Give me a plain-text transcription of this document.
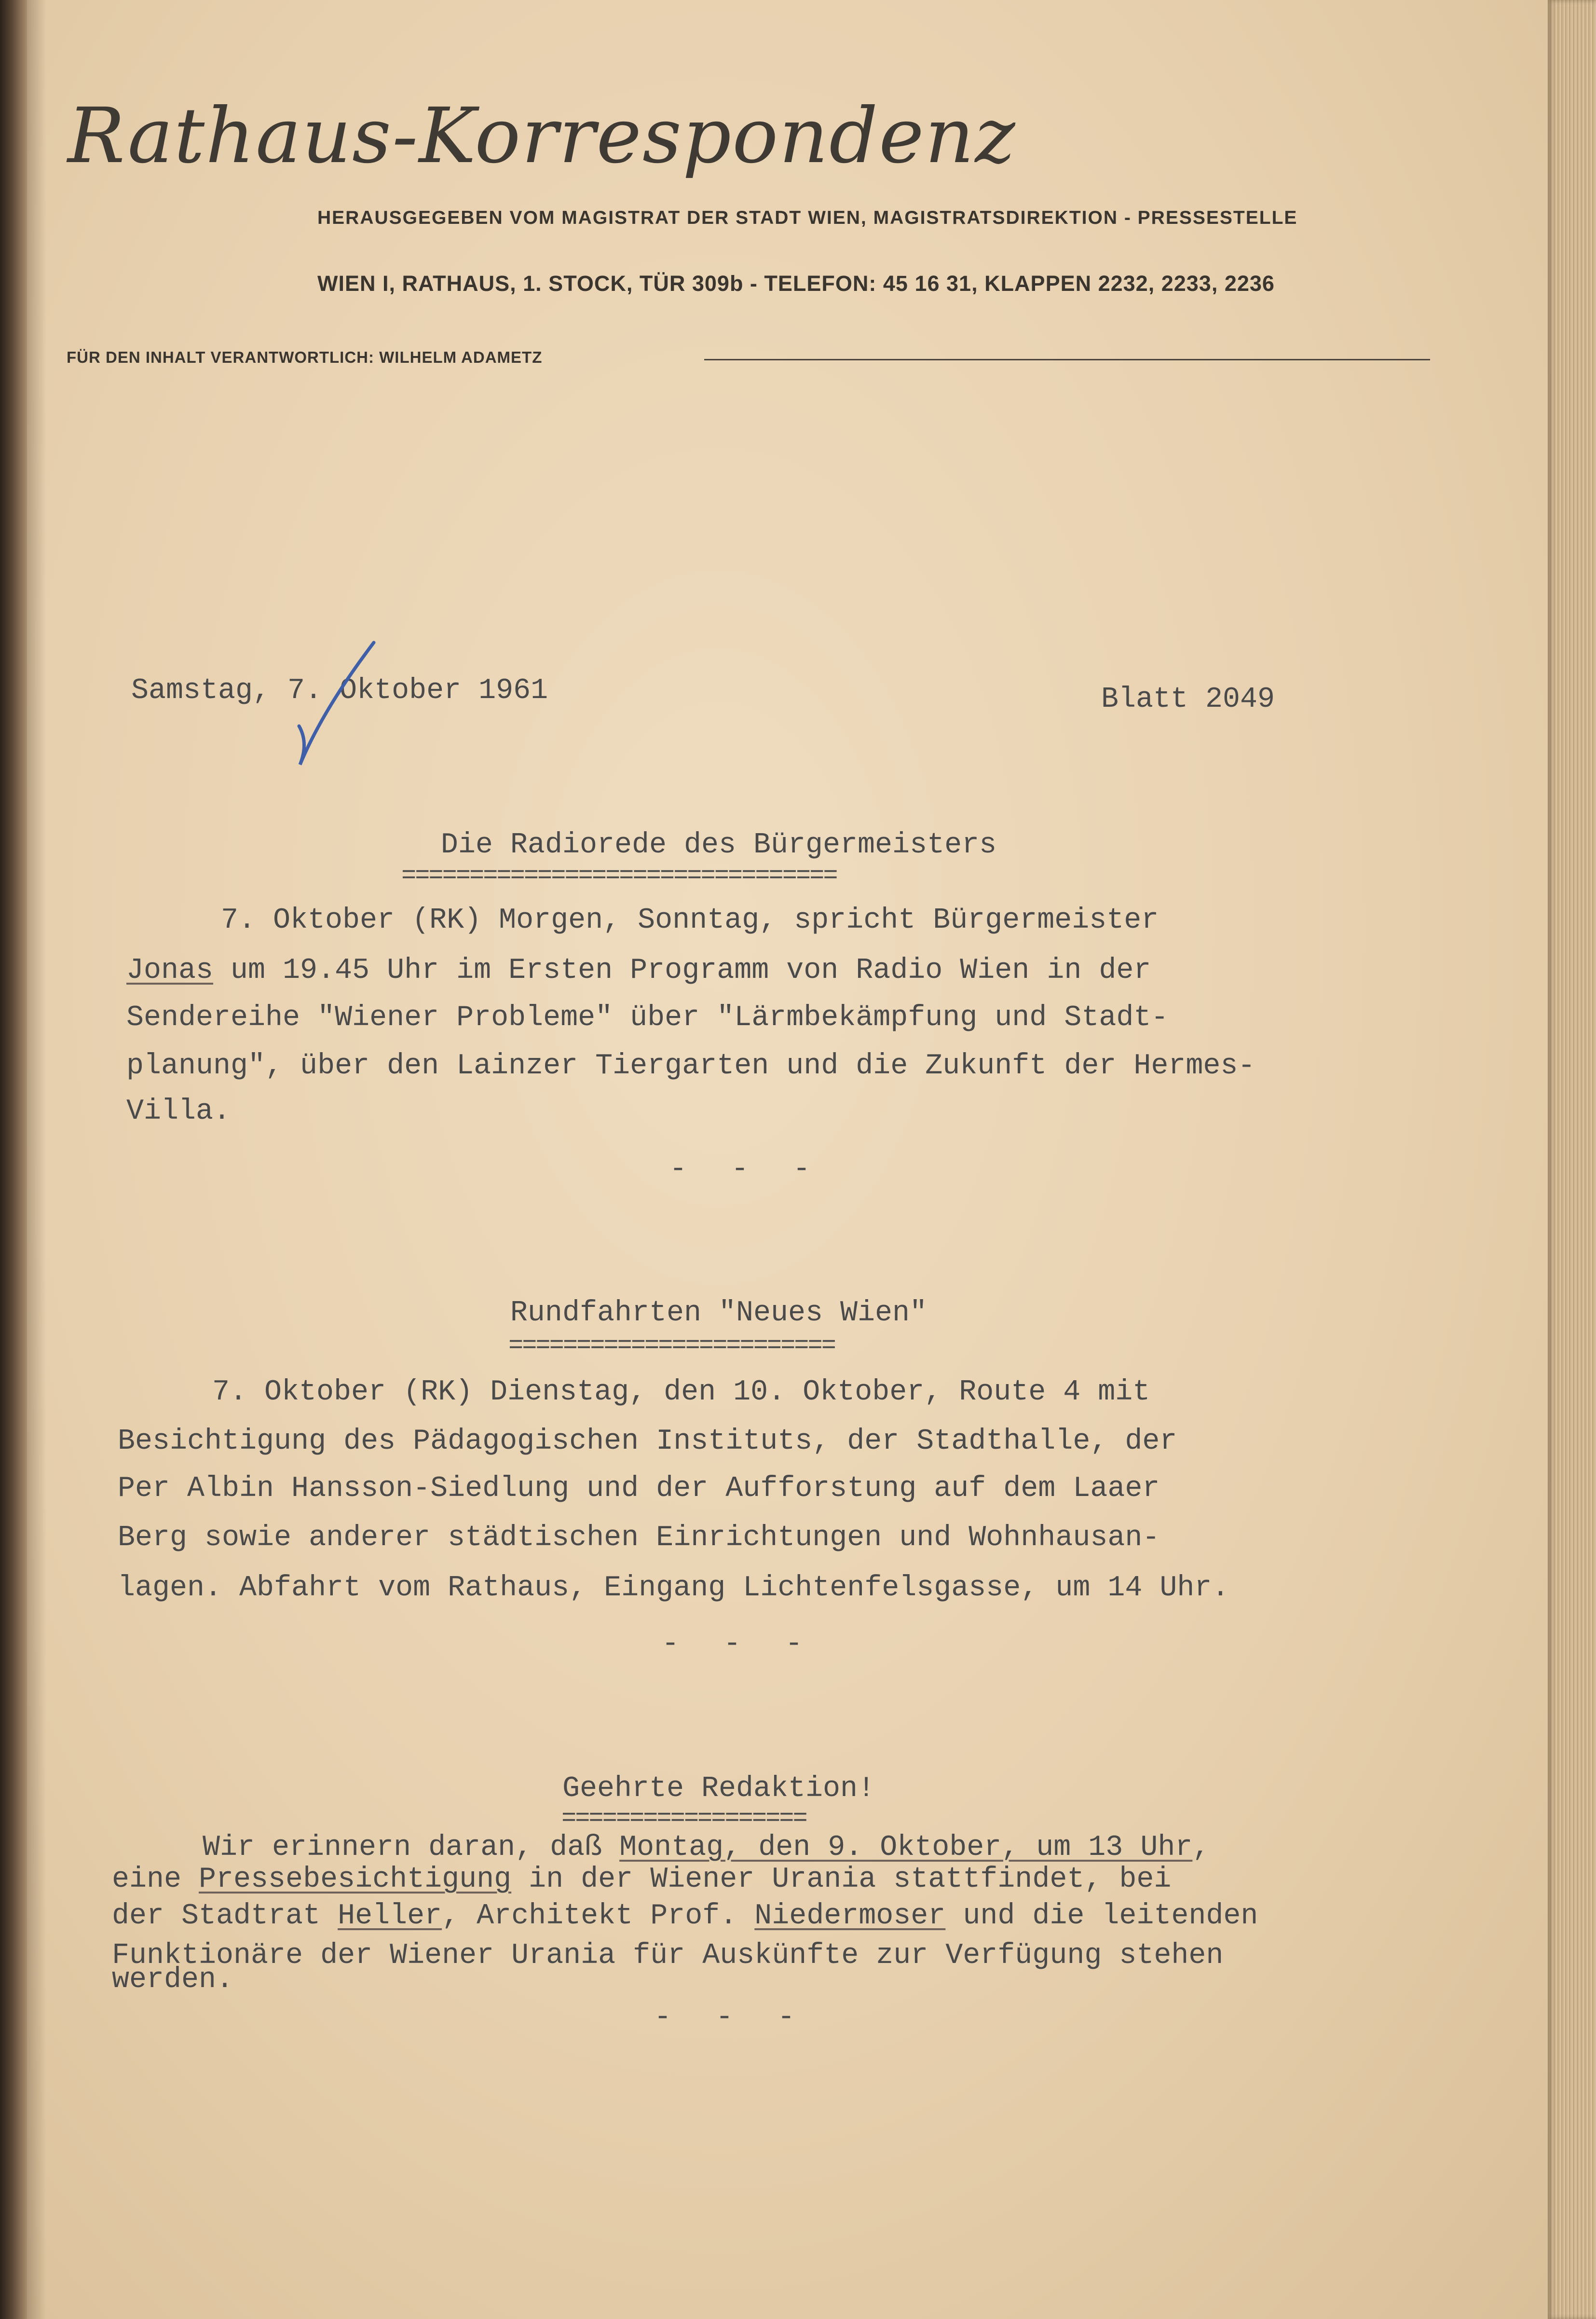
Rathaus-Korrespondenz

HERAUSGEGEBEN VOM MAGISTRAT DER STADT WIEN, MAGISTRATSDIREKTION - PRESSESTELLE

WIEN I, RATHAUS, 1. STOCK, TÜR 309b - TELEFON: 45 16 31, KLAPPEN 2232, 2233, 2236

FÜR DEN INHALT VERANTWORTLICH: WILHELM ADAMETZ

Samstag, 7. Oktober 1961	Blatt 2049

Die Radiorede des Bürgermeisters

================================

7. Oktober (RK) Morgen, Sonntag, spricht Bürgermeister

Jonas um 19.45 Uhr im Ersten Programm von Radio Wien in der

Sendereihe "Wiener Probleme" über "Lärmbekämpfung und Stadt-

planung", über den Lainzer Tiergarten und die Zukunft der Hermes-

Villa.

- - -

Rundfahrten "Neues Wien"

========================

7. Oktober (RK) Dienstag, den 10. Oktober, Route 4 mit

Besichtigung des Pädagogischen Instituts, der Stadthalle, der

Per Albin Hansson-Siedlung und der Aufforstung auf dem Laaer

Berg sowie anderer städtischen Einrichtungen und Wohnhausan-

lagen. Abfahrt vom Rathaus, Eingang Lichtenfelsgasse, um 14 Uhr.

- - -

Geehrte Redaktion!

==================

Wir erinnern daran, daß Montag, den 9. Oktober, um 13 Uhr,

eine Pressebesichtigung in der Wiener Urania stattfindet, bei

der Stadtrat Heller, Architekt Prof. Niedermoser und die leitenden

Funktionäre der Wiener Urania für Auskünfte zur Verfügung stehen

werden.

- - -
